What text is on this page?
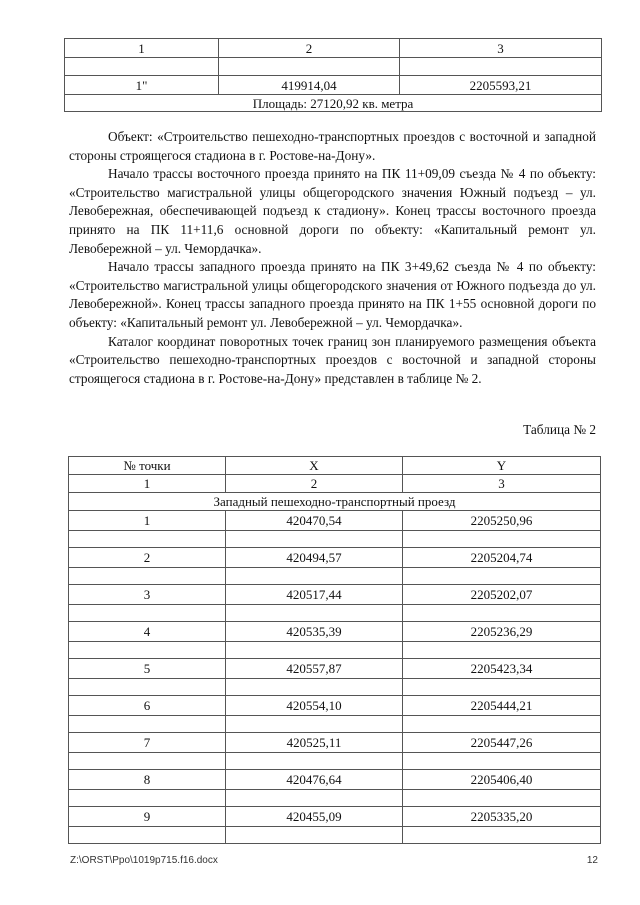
1	2	3

1"	419914,04	2205593,21
Площадь: 27120,92 кв. метра		

Объект: «Строительство пешеходно-транспортных проездов с восточной и западной стороны строящегося стадиона в г. Ростове-на-Дону».

Начало трассы восточного проезда принято на ПК 11+09,09 съезда № 4 по объекту: «Строительство магистральной улицы общегородского значения Южный подъезд – ул. Левобережная, обеспечивающей подъезд к стадиону». Конец трассы восточного проезда принято на ПК 11+11,6 основной дороги по объекту: «Капитальный ремонт ул. Левобережной – ул. Чемордачка».

Начало трассы западного проезда принято на ПК 3+49,62 съезда № 4 по объекту: «Строительство магистральной улицы общегородского значения от Южного подъезда до ул. Левобережной». Конец трассы западного проезда принято на ПК 1+55 основной дороги по объекту: «Капитальный ремонт ул. Левобережной – ул. Чемордачка».

Каталог координат поворотных точек границ зон планируемого размещения объекта «Строительство пешеходно-транспортных проездов с восточной и западной стороны строящегося стадиона в г. Ростове-на-Дону» представлен в таблице № 2.

Таблица № 2
№ точки	X	Y
1	2	3
Западный пешеходно-транспортный проезд		
1	420470,54	2205250,96

2	420494,57	2205204,74

3	420517,44	2205202,07

4	420535,39	2205236,29

5	420557,87	2205423,34

6	420554,10	2205444,21

7	420525,11	2205447,26

8	420476,64	2205406,40

9	420455,09	2205335,20

Z:\ORST\Ppo\1019p715.f16.docx	12
